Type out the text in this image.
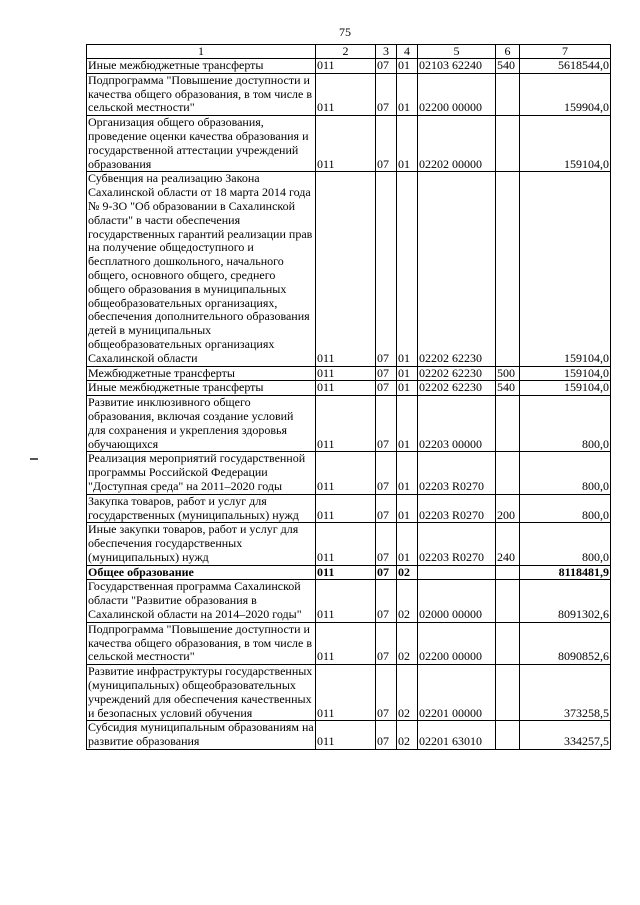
75
1	2	3	4	5	6	7
Иные межбюджетные трансферты	011	07	01	02103 62240	540	5618544,0
Подпрограмма "Повышение доступности и качества общего образования, в том числе в сельской местности"	011	07	01	02200 00000		159904,0
Организация общего образования, проведение оценки качества образования и государственной аттестации учреждений образования	011	07	01	02202 00000		159104,0
Субвенция на реализацию Закона Сахалинской области от 18 марта 2014 года № 9-ЗО "Об образовании в Сахалинской области" в части обеспечения государственных гарантий реализации прав на получение общедоступного и бесплатного дошкольного, начального общего, основного общего, среднего общего образования в муниципальных общеобразовательных организациях, обеспечения дополнительного образования детей в муниципальных общеобразовательных организациях Сахалинской области	011	07	01	02202 62230		159104,0
Межбюджетные трансферты	011	07	01	02202 62230	500	159104,0
Иные межбюджетные трансферты	011	07	01	02202 62230	540	159104,0
Развитие инклюзивного общего образования, включая создание условий для сохранения и укрепления здоровья обучающихся	011	07	01	02203 00000		800,0
Реализация мероприятий государственной программы Российской Федерации "Доступная среда" на 2011–2020 годы	011	07	01	02203 R0270		800,0
Закупка товаров, работ и услуг для государственных (муниципальных) нужд	011	07	01	02203 R0270	200	800,0
Иные закупки товаров, работ и услуг для обеспечения государственных (муниципальных) нужд	011	07	01	02203 R0270	240	800,0
Общее образование	011	07	02			8118481,9
Государственная программа Сахалинской области "Развитие образования в Сахалинской области на 2014–2020 годы"	011	07	02	02000 00000		8091302,6
Подпрограмма "Повышение доступности и качества общего образования, в том числе в сельской местности"	011	07	02	02200 00000		8090852,6
Развитие инфраструктуры государственных (муниципальных) общеобразовательных учреждений для обеспечения качественных и безопасных условий обучения	011	07	02	02201 00000		373258,5
Субсидия муниципальным образованиям на развитие образования	011	07	02	02201 63010		334257,5
